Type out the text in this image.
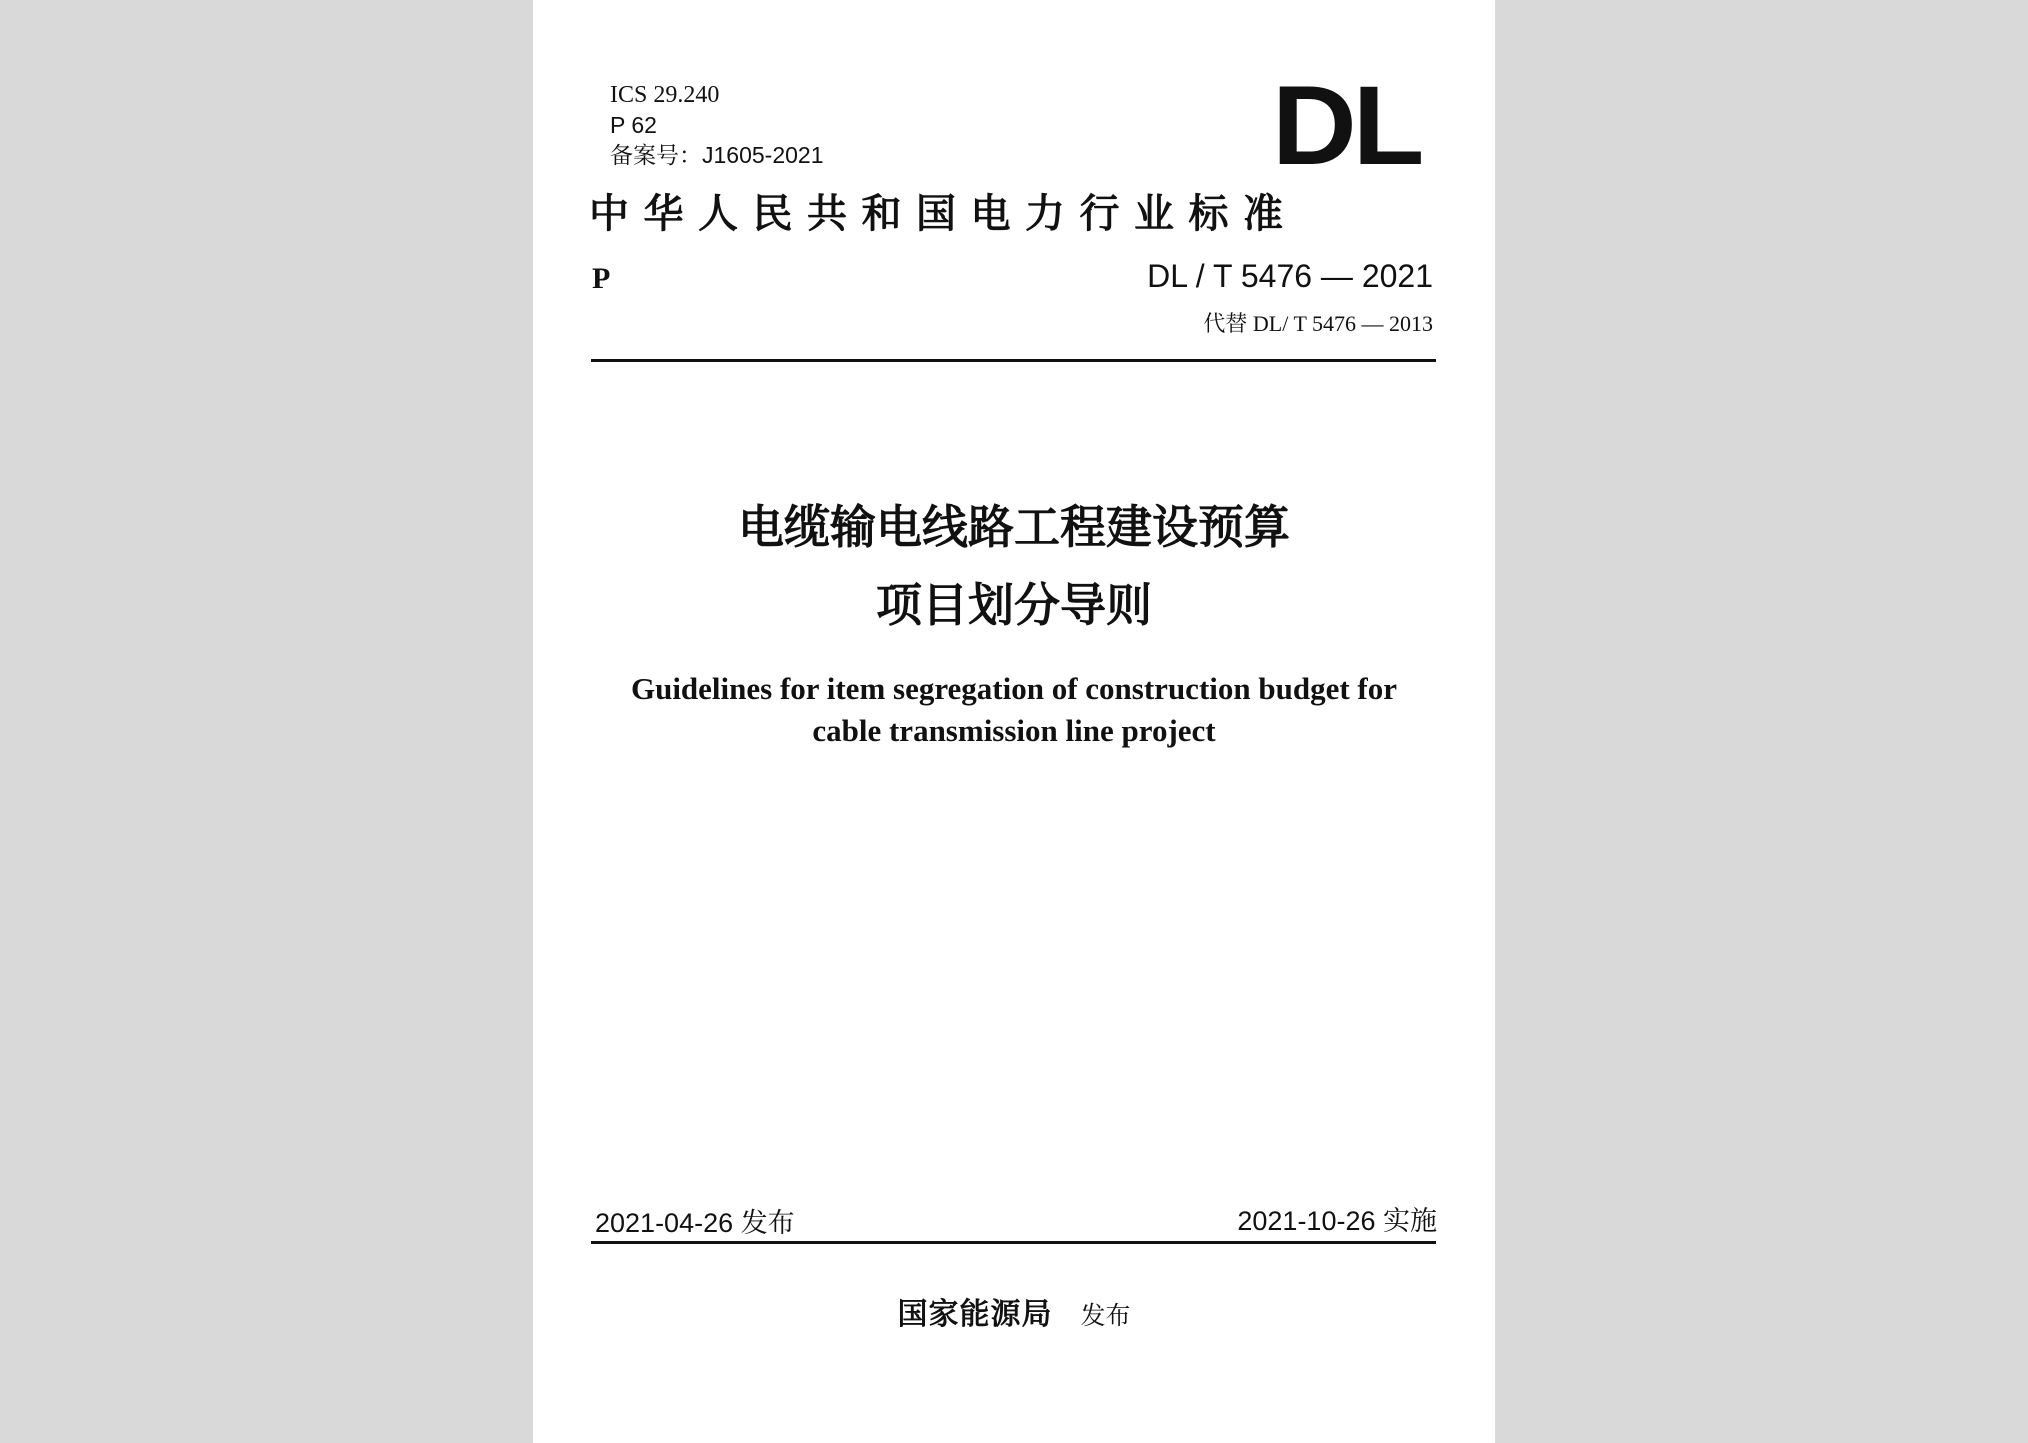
ICS 29.240
P 62
备案号：J1605-2021	DL
中华人民共和国电力行业标准
P	DL / T 5476 — 2021
代替 DL/ T 5476 — 2013
电缆输电线路工程建设预算
项目划分导则
Guidelines for item segregation of construction budget for
cable transmission line project
2021-04-26 发布	2021-10-26 实施
国家能源局 发布
